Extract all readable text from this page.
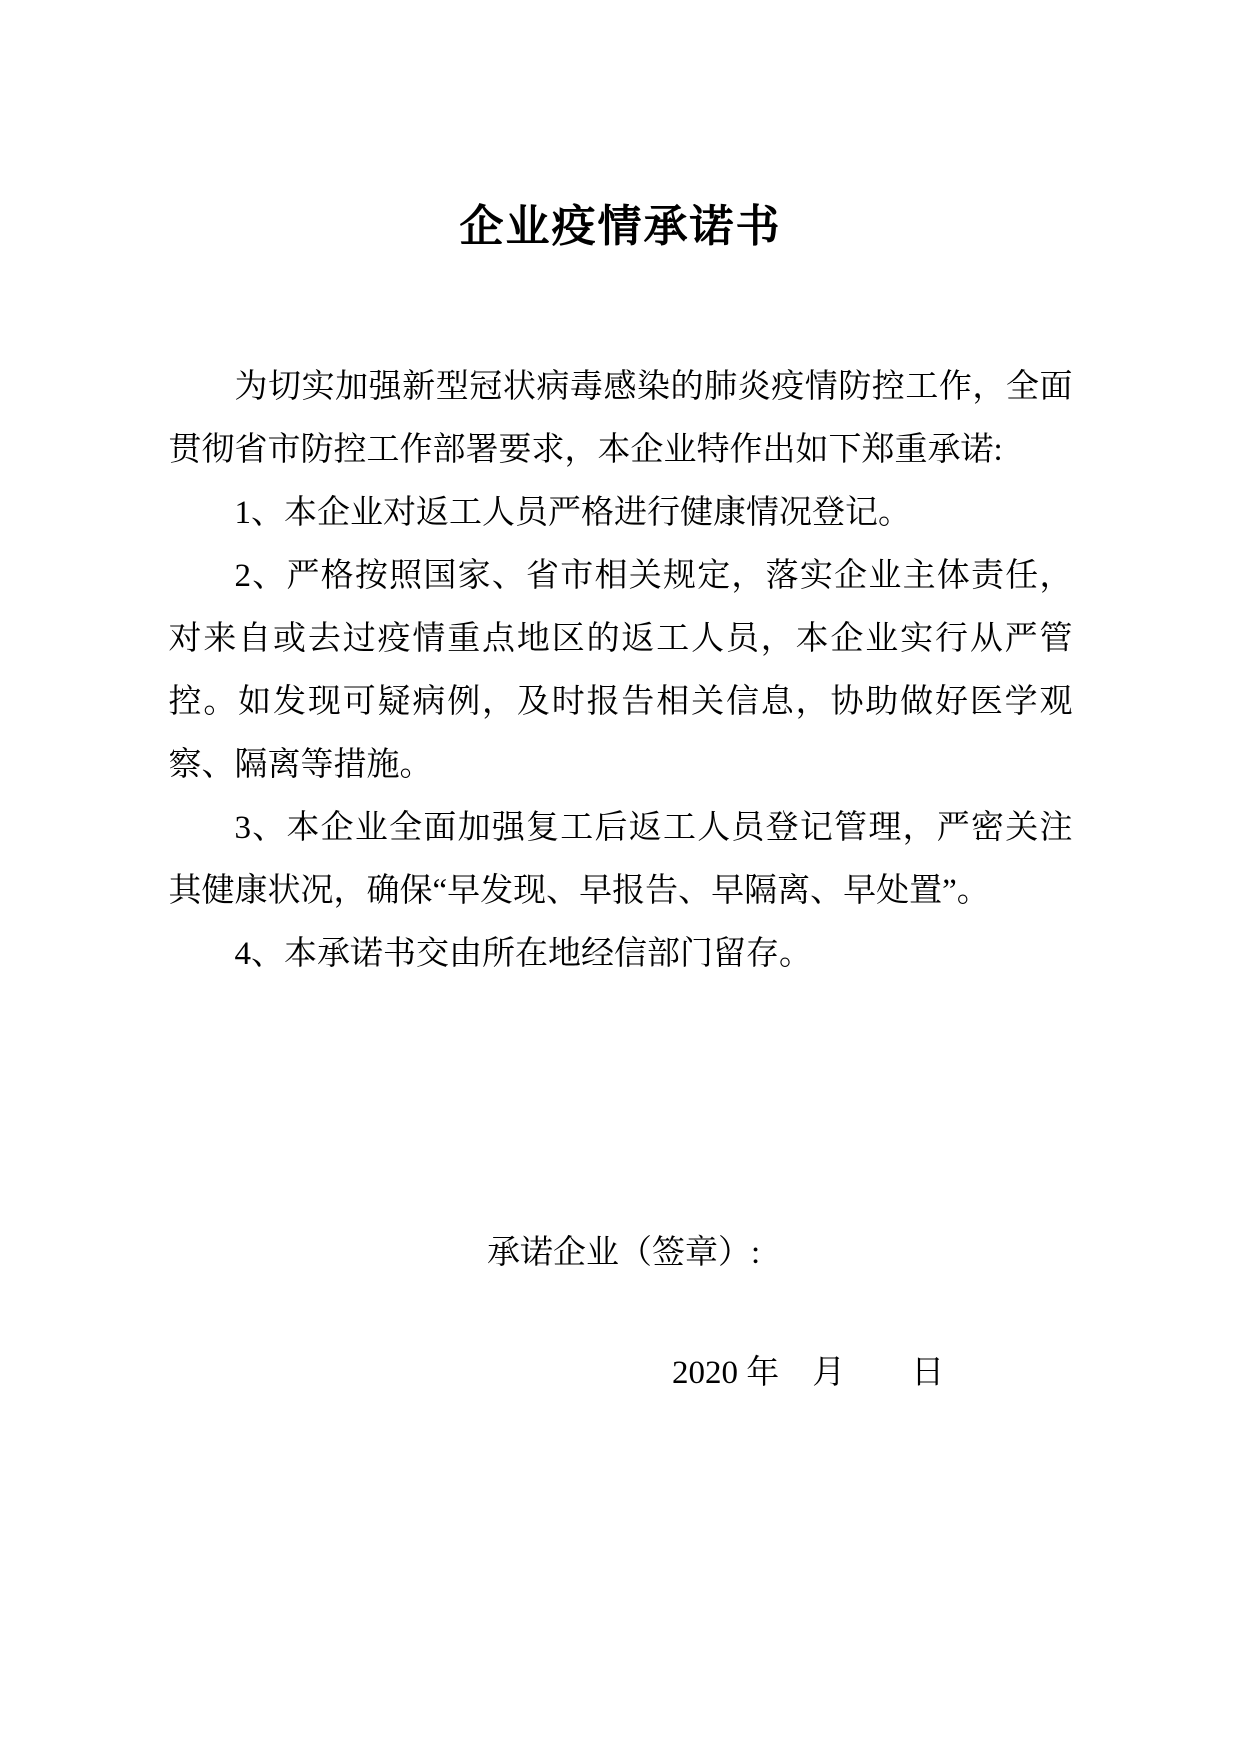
企业疫情承诺书

为切实加强新型冠状病毒感染的肺炎疫情防控工作，全面贯彻省市防控工作部署要求，本企业特作出如下郑重承诺:

1、本企业对返工人员严格进行健康情况登记。

2、严格按照国家、省市相关规定，落实企业主体责任，对来自或去过疫情重点地区的返工人员，本企业实行从严管控。如发现可疑病例，及时报告相关信息，协助做好医学观察、隔离等措施。

3、本企业全面加强复工后返工人员登记管理，严密关注其健康状况，确保“早发现、早报告、早隔离、早处置”。

4、本承诺书交由所在地经信部门留存。

承诺企业（签章）:
2020 年　月　　日
